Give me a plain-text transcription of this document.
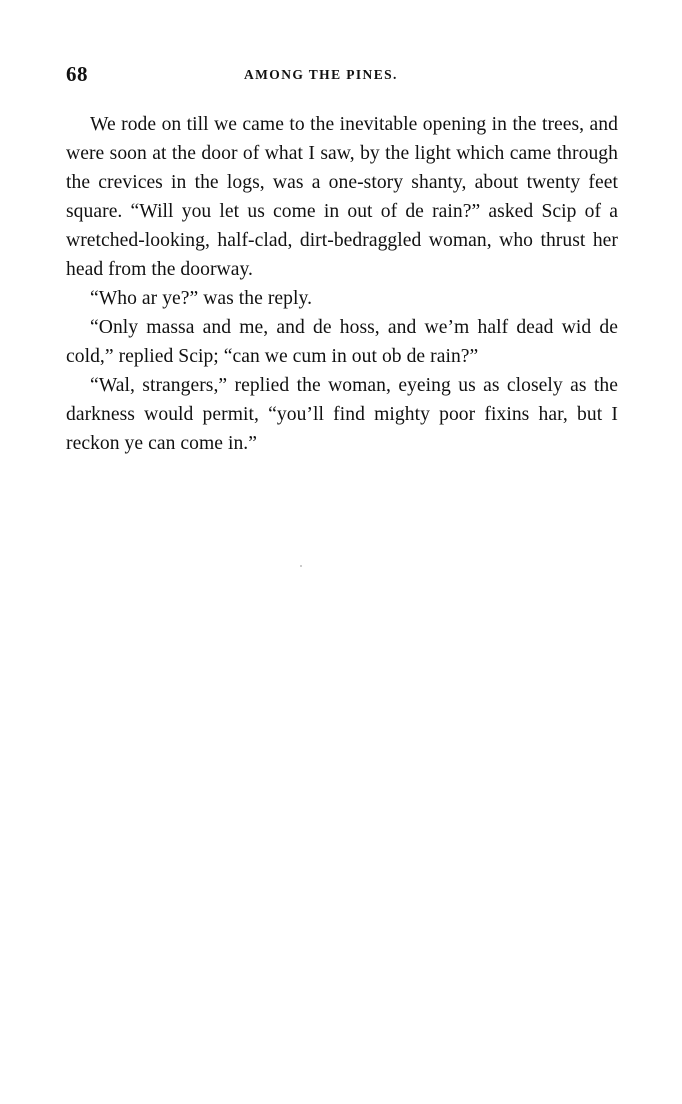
68	AMONG THE PINES.

We rode on till we came to the inevitable opening in the trees, and were soon at the door of what I saw, by the light which came through the crevices in the logs, was a one-story shanty, about twenty feet square. “Will you let us come in out of de rain?” asked Scip of a wretched-looking, half-clad, dirt-bedraggled woman, who thrust her head from the doorway.

“Who ar ye?” was the reply.

“Only massa and me, and de hoss, and we’m half dead wid de cold,” replied Scip; “can we cum in out ob de rain?”

“Wal, strangers,” replied the woman, eyeing us as closely as the darkness would permit, “you’ll find mighty poor fixins har, but I reckon ye can come in.”
